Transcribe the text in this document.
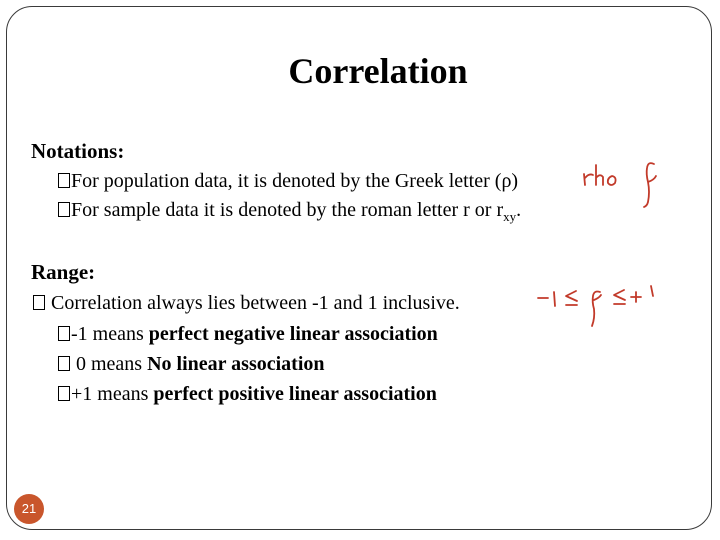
Correlation
Notations:
For population data, it is denoted by the Greek letter (ρ)
For sample data it is denoted by the roman letter r or $r_{xy}$.
Range:
Correlation always lies between -1 and 1 inclusive.
-1 means perfect negative linear association
0 means No linear association
+1 means perfect positive linear association
21
